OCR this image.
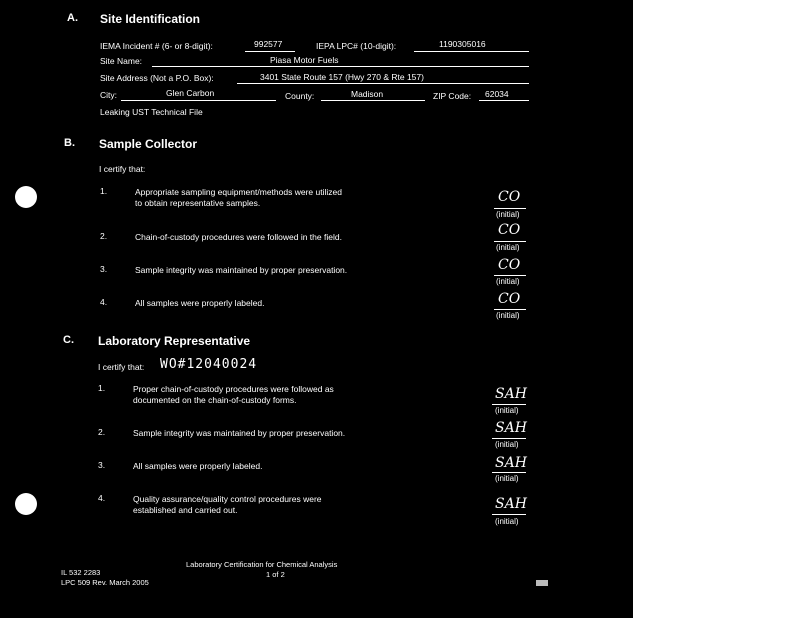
A. Site Identification
IEMA Incident # (6- or 8-digit):	992577	IEPA LPC# (10-digit):	1190305016
Site Name:	Piasa Motor Fuels
Site Address (Not a P.O. Box):	3401 State Route 157 (Hwy 270 & Rte 157)
City:	Glen Carbon	County:	Madison	ZIP Code: 62034
Leaking UST Technical File
B. Sample Collector
I certify that:
1.	Appropriate sampling equipment/methods were utilized
to obtain representative samples.	CO
(initial)
2.	Chain-of-custody procedures were followed in the field.	CO
(initial)
3.	Sample integrity was maintained by proper preservation.	CO
(initial)
4.	All samples were properly labeled.	CO
(initial)
C. Laboratory Representative
I certify that: WO#12040024
1.	Proper chain-of-custody procedures were followed as
documented on the chain-of-custody forms.	SAH
(initial)
2.	Sample integrity was maintained by proper preservation.	SAH
(initial)
3.	All samples were properly labeled.	SAH
(initial)
4.	Quality assurance/quality control procedures were
established and carried out.	SAH
(initial)
IL 532 2283
LPC 509 Rev. March 2005
Laboratory Certification for Chemical Analysis
1 of 2
